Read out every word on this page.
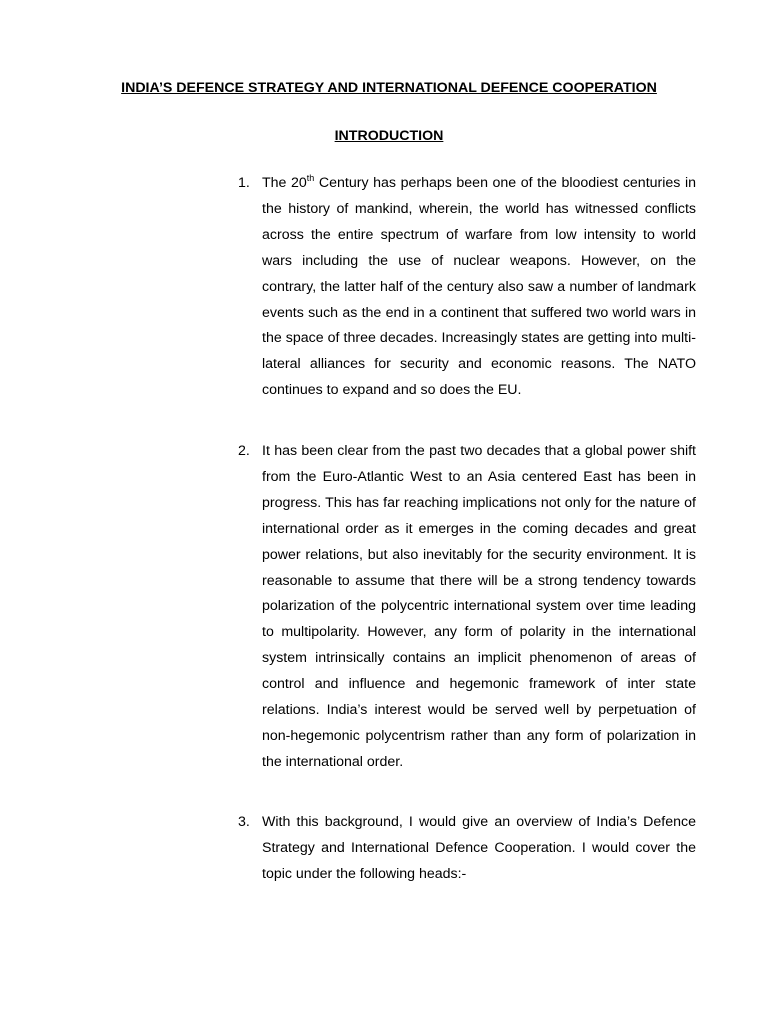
INDIA’S DEFENCE STRATEGY AND INTERNATIONAL DEFENCE COOPERATION
INTRODUCTION
1. The 20th Century has perhaps been one of the bloodiest centuries in the history of mankind, wherein, the world has witnessed conflicts across the entire spectrum of warfare from low intensity to world wars including the use of nuclear weapons. However, on the contrary, the latter half of the century also saw a number of landmark events such as the end in a continent that suffered two world wars in the space of three decades. Increasingly states are getting into multi-lateral alliances for security and economic reasons. The NATO continues to expand and so does the EU.

2. It has been clear from the past two decades that a global power shift from the Euro-Atlantic West to an Asia centered East has been in progress. This has far reaching implications not only for the nature of international order as it emerges in the coming decades and great power relations, but also inevitably for the security environment. It is reasonable to assume that there will be a strong tendency towards polarization of the polycentric international system over time leading to multipolarity. However, any form of polarity in the international system intrinsically contains an implicit phenomenon of areas of control and influence and hegemonic framework of inter state relations. India’s interest would be served well by perpetuation of non-hegemonic polycentrism rather than any form of polarization in the international order.

3. With this background, I would give an overview of India’s Defence Strategy and International Defence Cooperation. I would cover the topic under the following heads:-
